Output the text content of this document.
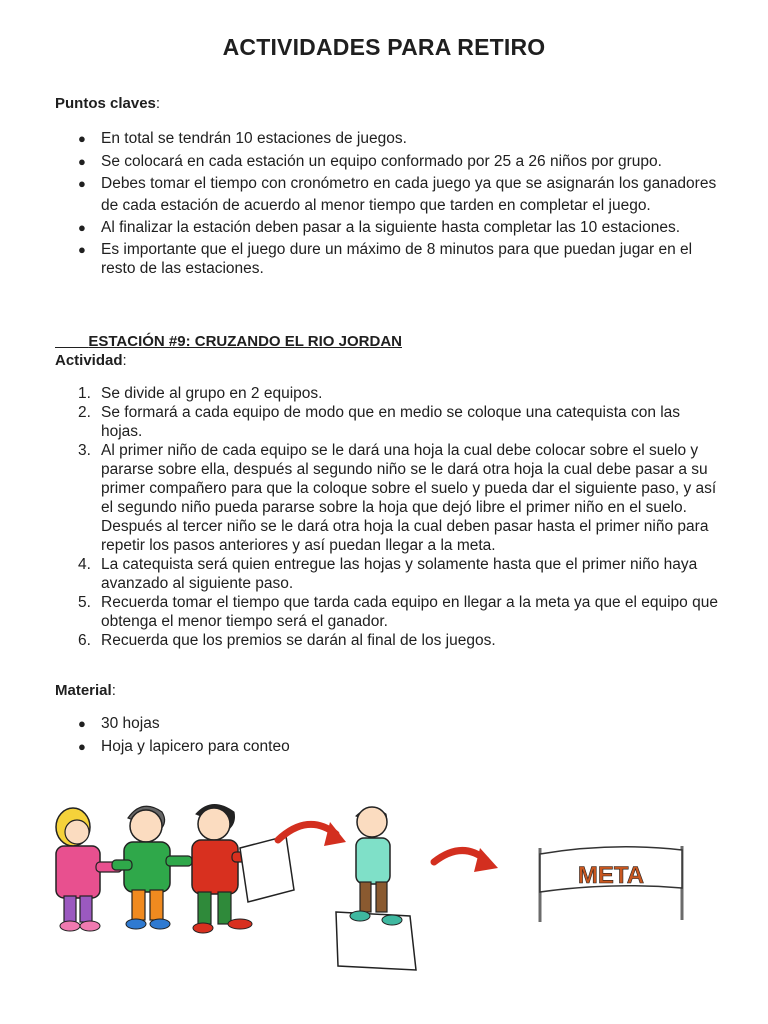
ACTIVIDADES PARA RETIRO
Puntos claves:
● En total se tendrán 10 estaciones de juegos.
● Se colocará en cada estación un equipo conformado por 25 a 26 niños por grupo.
● Debes tomar el tiempo con cronómetro en cada juego ya que se asignarán los ganadores de cada estación de acuerdo al menor tiempo que tarden en completar el juego.
● Al finalizar la estación deben pasar a la siguiente hasta completar las 10 estaciones.
● Es importante que el juego dure un máximo de 8 minutos para que puedan jugar en el resto de las estaciones.
ESTACIÓN #9: CRUZANDO EL RIO JORDAN
Actividad:
1. Se divide al grupo en 2 equipos.
2. Se formará a cada equipo de modo que en medio se coloque una catequista con las hojas.
3. Al primer niño de cada equipo se le dará una hoja la cual debe colocar sobre el suelo y pararse sobre ella, después al segundo niño se le dará otra hoja la cual debe pasar a su primer compañero para que la coloque sobre el suelo y pueda dar el siguiente paso, y así el segundo niño pueda pararse sobre la hoja que dejó libre el primer niño en el suelo. Después al tercer niño se le dará otra hoja la cual deben pasar hasta el primer niño para repetir los pasos anteriores y así puedan llegar a la meta.
4. La catequista será quien entregue las hojas y solamente hasta que el primer niño haya avanzado al siguiente paso.
5. Recuerda tomar el tiempo que tarda cada equipo en llegar a la meta ya que el equipo que obtenga el menor tiempo será el ganador.
6. Recuerda que los premios se darán al final de los juegos.
Material:
● 30 hojas
● Hoja y lapicero para conteo
META
